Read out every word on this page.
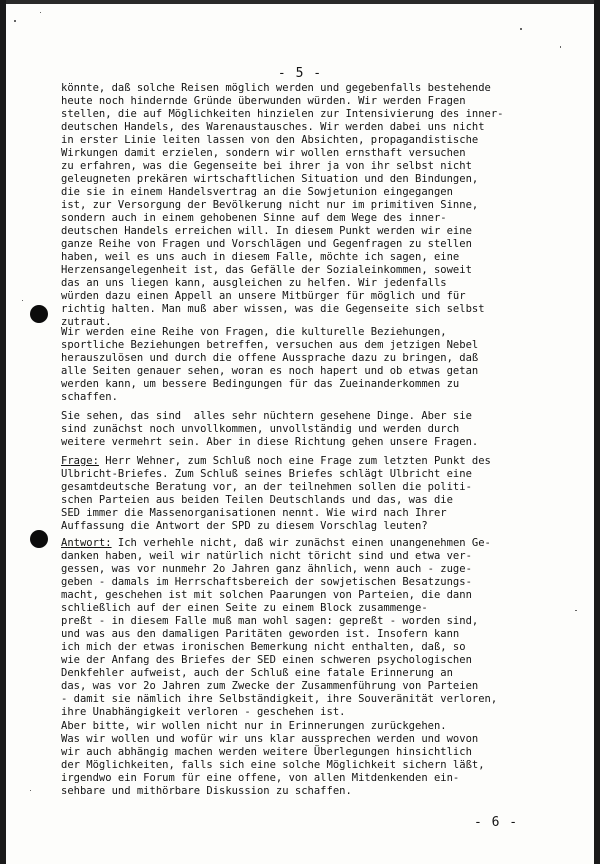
- 5 -
könnte, daß solche Reisen möglich werden und gegebenfalls bestehende
heute noch hindernde Gründe überwunden würden. Wir werden Fragen
stellen, die auf Möglichkeiten hinzielen zur Intensivierung des inner-
deutschen Handels, des Warenaustausches. Wir werden dabei uns nicht
in erster Linie leiten lassen von den Absichten, propagandistische
Wirkungen damit erzielen, sondern wir wollen ernsthaft versuchen
zu erfahren, was die Gegenseite bei ihrer ja von ihr selbst nicht
geleugneten prekären wirtschaftlichen Situation und den Bindungen,
die sie in einem Handelsvertrag an die Sowjetunion eingegangen
ist, zur Versorgung der Bevölkerung nicht nur im primitiven Sinne,
sondern auch in einem gehobenen Sinne auf dem Wege des inner-
deutschen Handels erreichen will. In diesem Punkt werden wir eine
ganze Reihe von Fragen und Vorschlägen und Gegenfragen zu stellen
haben, weil es uns auch in diesem Falle, möchte ich sagen, eine
Herzensangelegenheit ist, das Gefälle der Sozialeinkommen, soweit
das an uns liegen kann, ausgleichen zu helfen. Wir jedenfalls
würden dazu einen Appell an unsere Mitbürger für möglich und für
richtig halten. Man muß aber wissen, was die Gegenseite sich selbst
zutraut.
Wir werden eine Reihe von Fragen, die kulturelle Beziehungen,
sportliche Beziehungen betreffen, versuchen aus dem jetzigen Nebel
herauszulösen und durch die offene Aussprache dazu zu bringen, daß
alle Seiten genauer sehen, woran es noch hapert und ob etwas getan
werden kann, um bessere Bedingungen für das Zueinanderkommen zu
schaffen.
Sie sehen, das sind  alles sehr nüchtern gesehene Dinge. Aber sie
sind zunächst noch unvollkommen, unvollständig und werden durch
weitere vermehrt sein. Aber in diese Richtung gehen unsere Fragen.
Frage: Herr Wehner, zum Schluß noch eine Frage zum letzten Punkt des
Ulbricht-Briefes. Zum Schluß seines Briefes schlägt Ulbricht eine
gesamtdeutsche Beratung vor, an der teilnehmen sollen die politi-
schen Parteien aus beiden Teilen Deutschlands und das, was die
SED immer die Massenorganisationen nennt. Wie wird nach Ihrer
Auffassung die Antwort der SPD zu diesem Vorschlag leuten?
Antwort: Ich verhehle nicht, daß wir zunächst einen unangenehmen Ge-
danken haben, weil wir natürlich nicht töricht sind und etwa ver-
gessen, was vor nunmehr 2o Jahren ganz ähnlich, wenn auch - zuge-
geben - damals im Herrschaftsbereich der sowjetischen Besatzungs-
macht, geschehen ist mit solchen Paarungen von Parteien, die dann
schließlich auf der einen Seite zu einem Block zusammenge-
preßt - in diesem Falle muß man wohl sagen: gepreßt - worden sind,
und was aus den damaligen Paritäten geworden ist. Insofern kann
ich mich der etwas ironischen Bemerkung nicht enthalten, daß, so
wie der Anfang des Briefes der SED einen schweren psychologischen
Denkfehler aufweist, auch der Schluß eine fatale Erinnerung an
das, was vor 2o Jahren zum Zwecke der Zusammenführung von Parteien
- damit sie nämlich ihre Selbständigkeit, ihre Souveränität verloren,
ihre Unabhängigkeit verloren - geschehen ist.
Aber bitte, wir wollen nicht nur in Erinnerungen zurückgehen.
Was wir wollen und wofür wir uns klar aussprechen werden und wovon
wir auch abhängig machen werden weitere Überlegungen hinsichtlich
der Möglichkeiten, falls sich eine solche Möglichkeit sichern läßt,
irgendwo ein Forum für eine offene, von allen Mitdenkenden ein-
sehbare und mithörbare Diskussion zu schaffen.
- 6 -
